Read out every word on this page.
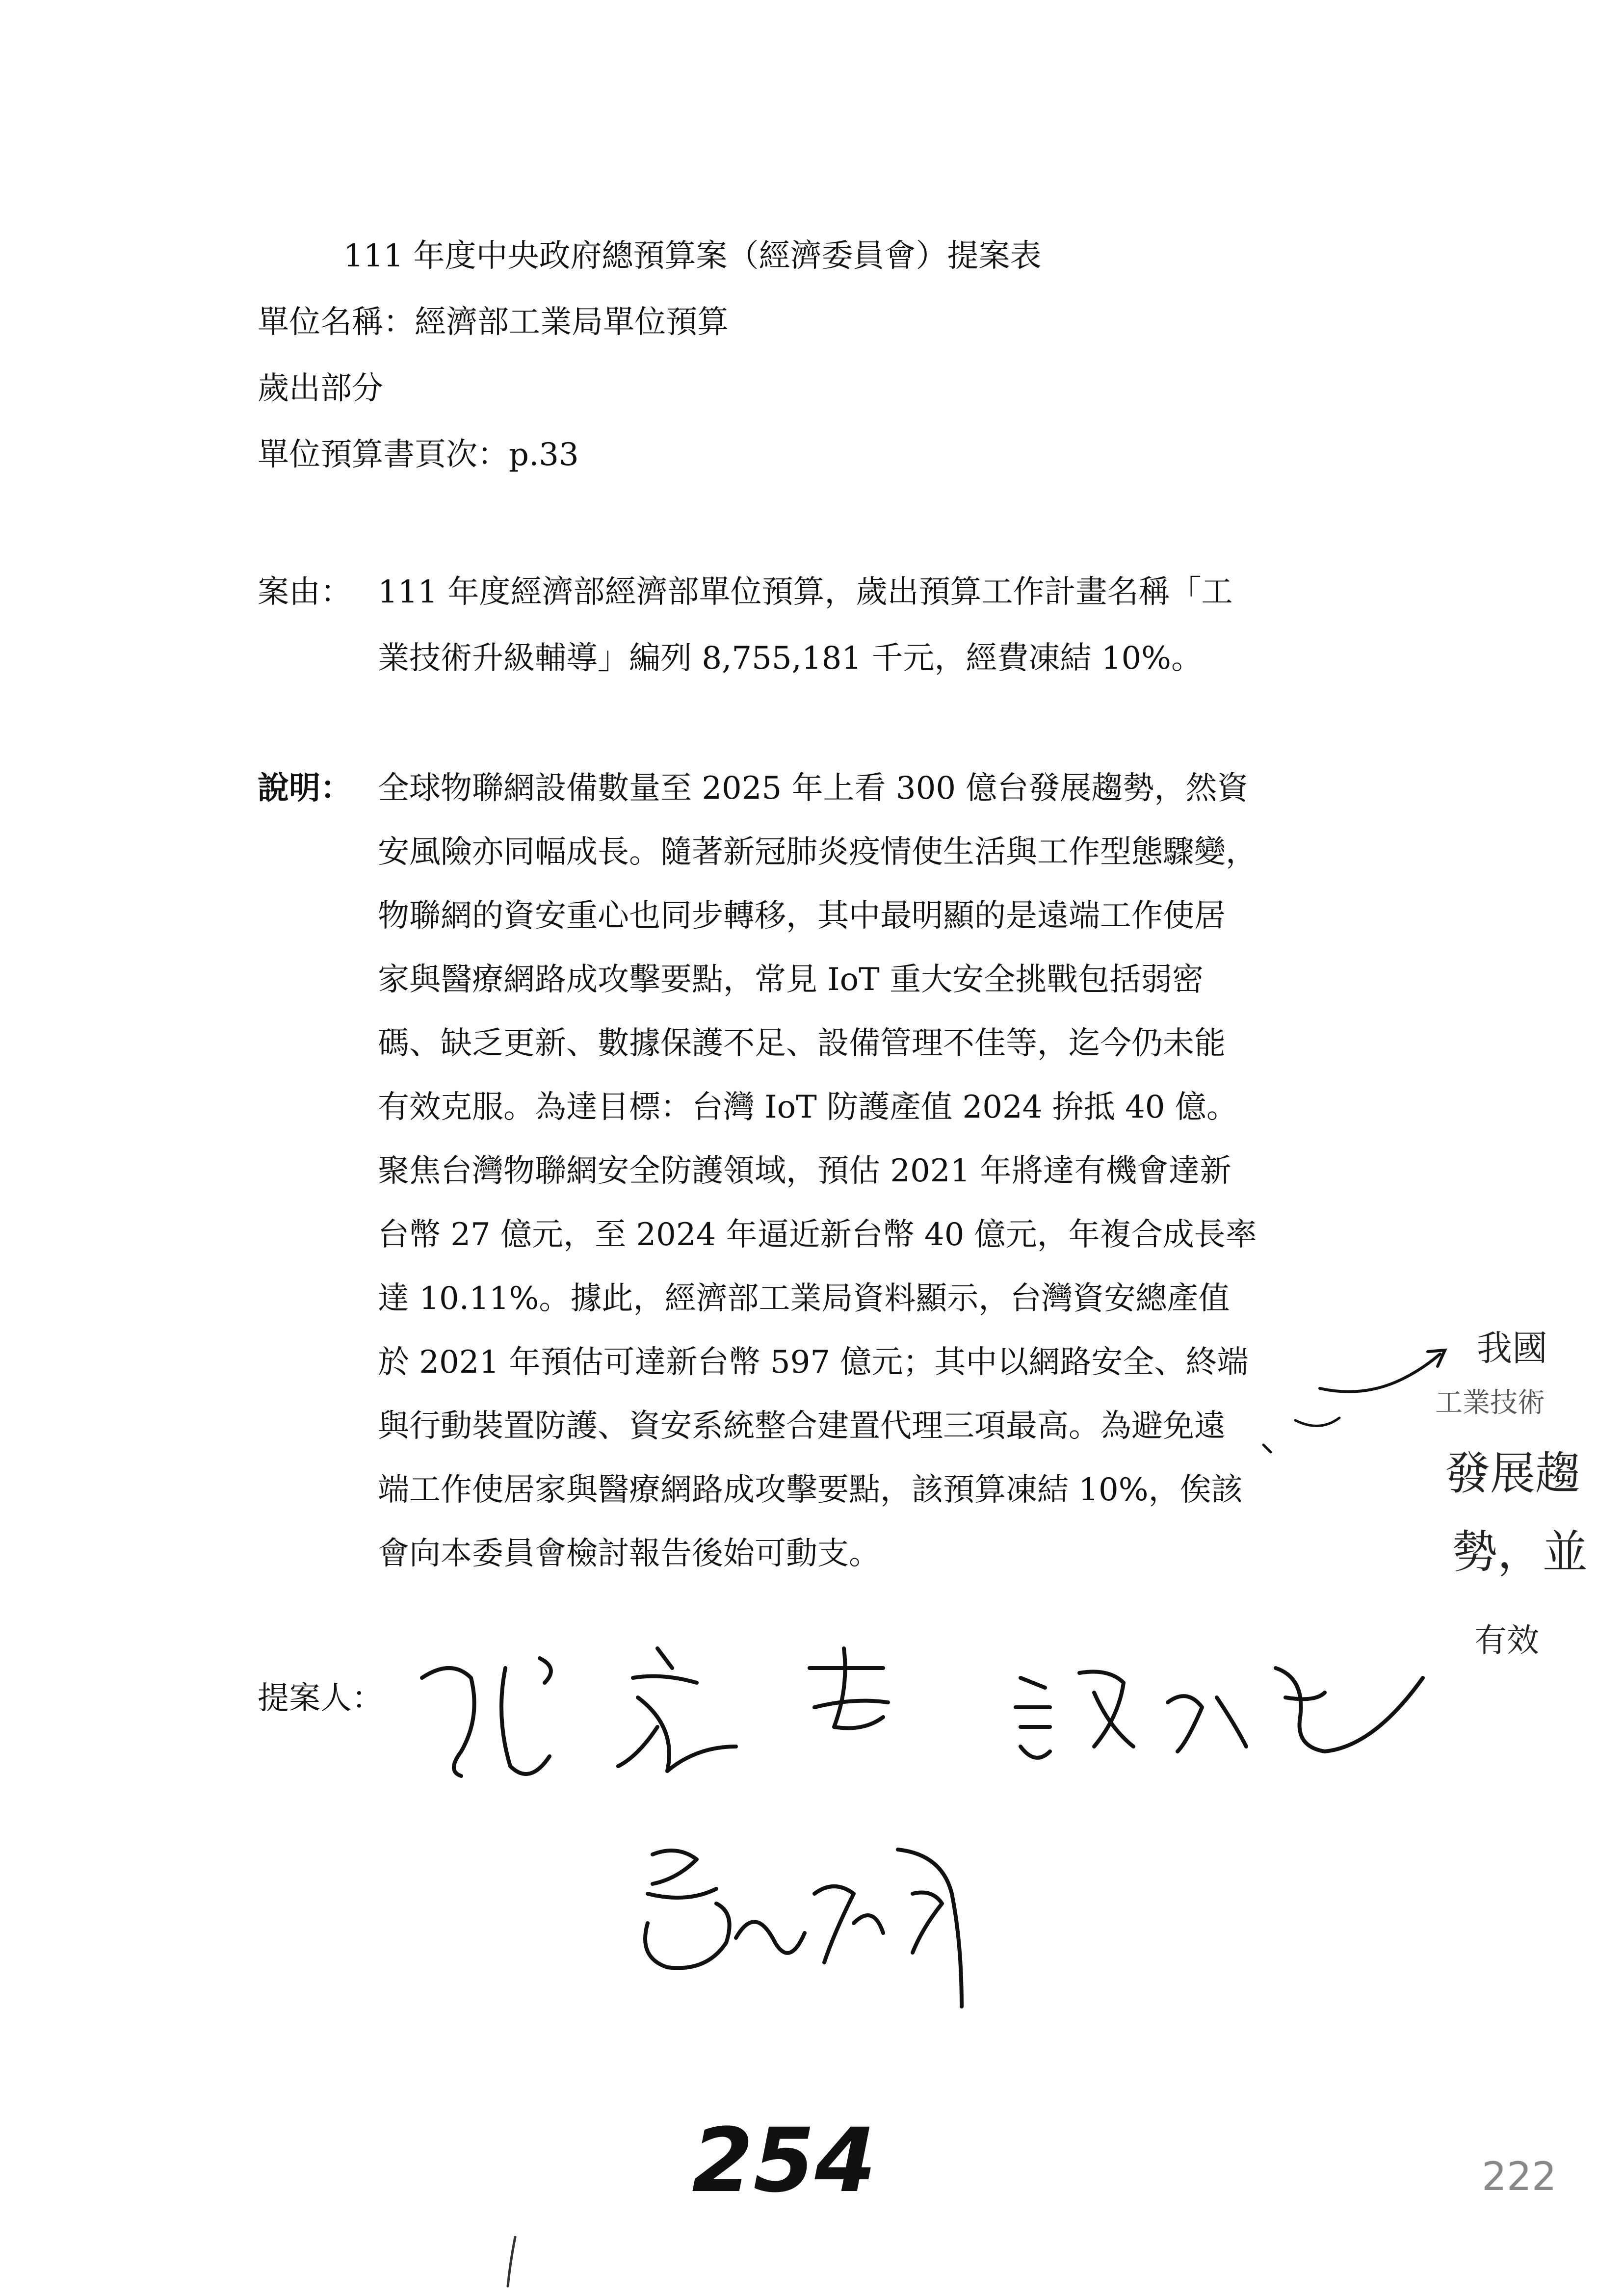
111 年度中央政府總預算案（經濟委員會）提案表
單位名稱：經濟部工業局單位預算
歲出部分
單位預算書頁次：p.33
案由： 111 年度經濟部經濟部單位預算，歲出預算工作計畫名稱「工
業技術升級輔導」編列 8,755,181 千元，經費凍結 10%。
說明： 全球物聯網設備數量至 2025 年上看 300 億台發展趨勢，然資
安風險亦同幅成長。隨著新冠肺炎疫情使生活與工作型態驟變，
物聯網的資安重心也同步轉移，其中最明顯的是遠端工作使居
家與醫療網路成攻擊要點，常見 IoT 重大安全挑戰包括弱密
碼、缺乏更新、數據保護不足、設備管理不佳等，迄今仍未能
有效克服。為達目標：台灣 IoT 防護產值 2024 拚抵 40 億。
聚焦台灣物聯網安全防護領域，預估 2021 年將達有機會達新
台幣 27 億元，至 2024 年逼近新台幣 40 億元，年複合成長率
達 10.11%。據此，經濟部工業局資料顯示，台灣資安總產值
於 2021 年預估可達新台幣 597 億元；其中以網路安全、終端
與行動裝置防護、資安系統整合建置代理三項最高。為避免遠
端工作使居家與醫療網路成攻擊要點，該預算凍結 10%，俟該
會向本委員會檢討報告後始可動支。
我國
工業技術
發展趨
勢，並
有效
提案人：
254	222
